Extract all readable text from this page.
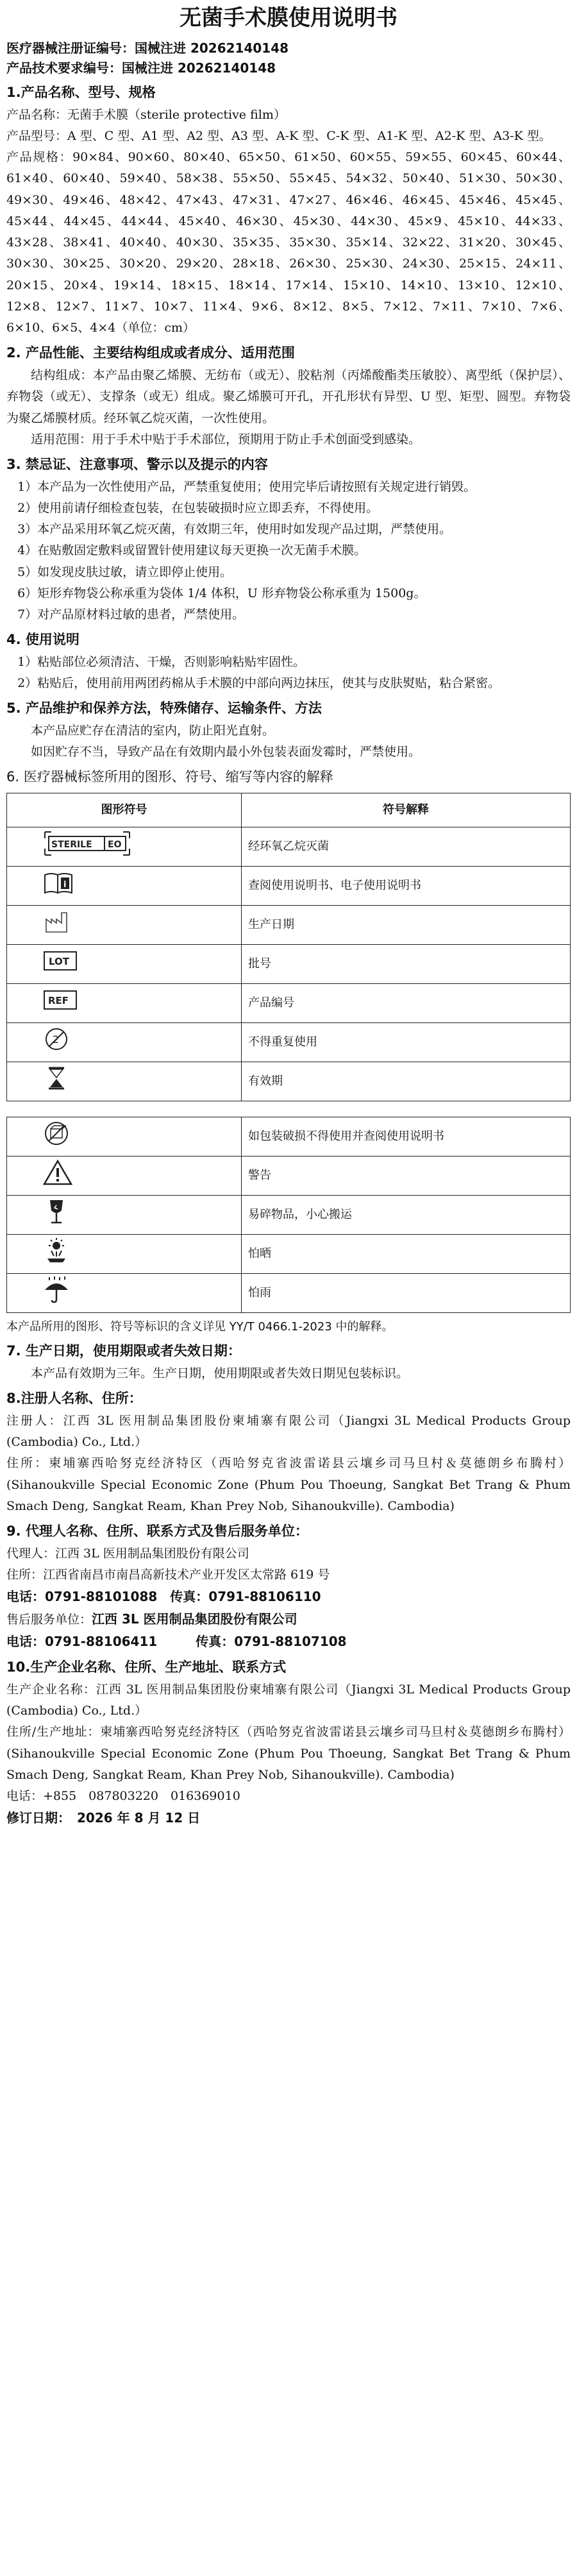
无菌手术膜使用说明书

医疗器械注册证编号：国械注进 20262140148

产品技术要求编号：国械注进 20262140148

1.产品名称、型号、规格

产品名称：无菌手术膜（sterile protective film）

产品型号：A 型、C 型、A1 型、A2 型、A3 型、A-K 型、C-K 型、A1-K 型、A2-K 型、A3-K 型。

产品规格：90×84、90×60、80×40、65×50、61×50、60×55、59×55、60×45、60×44、61×40、60×40、59×40、58×38、55×50、55×45、54×32、50×40、51×30、50×30、49×30、49×46、48×42、47×43、47×31、47×27、46×46、46×45、45×46、45×45、45×44、44×45、44×44、45×40、46×30、45×30、44×30、45×9、45×10、44×33、43×28、38×41、40×40、40×30、35×35、35×30、35×14、32×22、31×20、30×45、30×30、30×25、30×20、29×20、28×18、26×30、25×30、24×30、25×15、24×11、20×15、20×4、19×14、18×15、18×14、17×14、15×10、14×10、13×10、12×10、12×8、12×7、11×7、10×7、11×4、9×6、8×12、8×5、7×12、7×11、7×10、7×6、6×10、6×5、4×4（单位：cm）

2. 产品性能、主要结构组成或者成分、适用范围

结构组成：本产品由聚乙烯膜、无纺布（或无）、胶粘剂（丙烯酸酯类压敏胶）、离型纸（保护层）、弃物袋（或无）、支撑条（或无）组成。聚乙烯膜可开孔，开孔形状有异型、U 型、矩型、圆型。弃物袋为聚乙烯膜材质。经环氧乙烷灭菌，一次性使用。

适用范围：用于手术中贴于手术部位，预期用于防止手术创面受到感染。

3. 禁忌证、注意事项、警示以及提示的内容

1）本产品为一次性使用产品，严禁重复使用；使用完毕后请按照有关规定进行销毁。

2）使用前请仔细检查包装，在包装破损时应立即丢弃，不得使用。

3）本产品采用环氧乙烷灭菌，有效期三年，使用时如发现产品过期，严禁使用。

4）在贴敷固定敷料或留置针使用建议每天更换一次无菌手术膜。

5）如发现皮肤过敏，请立即停止使用。

6）矩形弃物袋公称承重为袋体 1/4 体积，U 形弃物袋公称承重为 1500g。

7）对产品原材料过敏的患者，严禁使用。

4. 使用说明

1）粘贴部位必须清洁、干燥，否则影响粘贴牢固性。

2）粘贴后，使用前用两团药棉从手术膜的中部向两边抹压，使其与皮肤熨贴，粘合紧密。

5. 产品维护和保养方法，特殊储存、运输条件、方法

本产品应贮存在清洁的室内，防止阳光直射。

如因贮存不当，导致产品在有效期内最小外包装表面发霉时，严禁使用。

6. 医疗器械标签所用的图形、符号、缩写等内容的解释
图形符号	符号解释

STERILE EO	经环氧乙烷灭菌

i	查阅使用说明书、电子使用说明书
	生产日期

LOT	批号

REF	产品编号

2	不得重复使用
	有效期

	如包装破损不得使用并查阅使用说明书
	警告
	易碎物品，小心搬运
	怕晒
	怕雨

本产品所用的图形、符号等标识的含义详见 YY/T 0466.1-2023 中的解释。

7. 生产日期，使用期限或者失效日期：

本产品有效期为三年。生产日期，使用期限或者失效日期见包装标识。

8.注册人名称、住所：

注册人：江西 3L 医用制品集团股份柬埔寨有限公司（Jiangxi 3L Medical Products Group (Cambodia) Co., Ltd.）

住所：柬埔寨西哈努克经济特区（西哈努克省波雷诺县云壤乡司马旦村＆莫德朗乡布腾村）(Sihanoukville Special Economic Zone (Phum Pou Thoeung, Sangkat Bet Trang & Phum Smach Deng, Sangkat Ream, Khan Prey Nob, Sihanoukville). Cambodia)

9. 代理人名称、住所、联系方式及售后服务单位：

代理人：江西 3L 医用制品集团股份有限公司

住所：江西省南昌市南昌高新技术产业开发区太常路 619 号

电话：0791-88101088　传真：0791-88106110

售后服务单位：江西 3L 医用制品集团股份有限公司

电话：0791-88106411　　　传真：0791-88107108

10.生产企业名称、住所、生产地址、联系方式

生产企业名称：江西 3L 医用制品集团股份柬埔寨有限公司（Jiangxi 3L Medical Products Group (Cambodia) Co., Ltd.）

住所/生产地址：柬埔寨西哈努克经济特区（西哈努克省波雷诺县云壤乡司马旦村＆莫德朗乡布腾村）(Sihanoukville Special Economic Zone (Phum Pou Thoeung, Sangkat Bet Trang & Phum Smach Deng, Sangkat Ream, Khan Prey Nob, Sihanoukville). Cambodia)

电话：+855　087803220　016369010

修订日期：　2026 年 8 月 12 日
